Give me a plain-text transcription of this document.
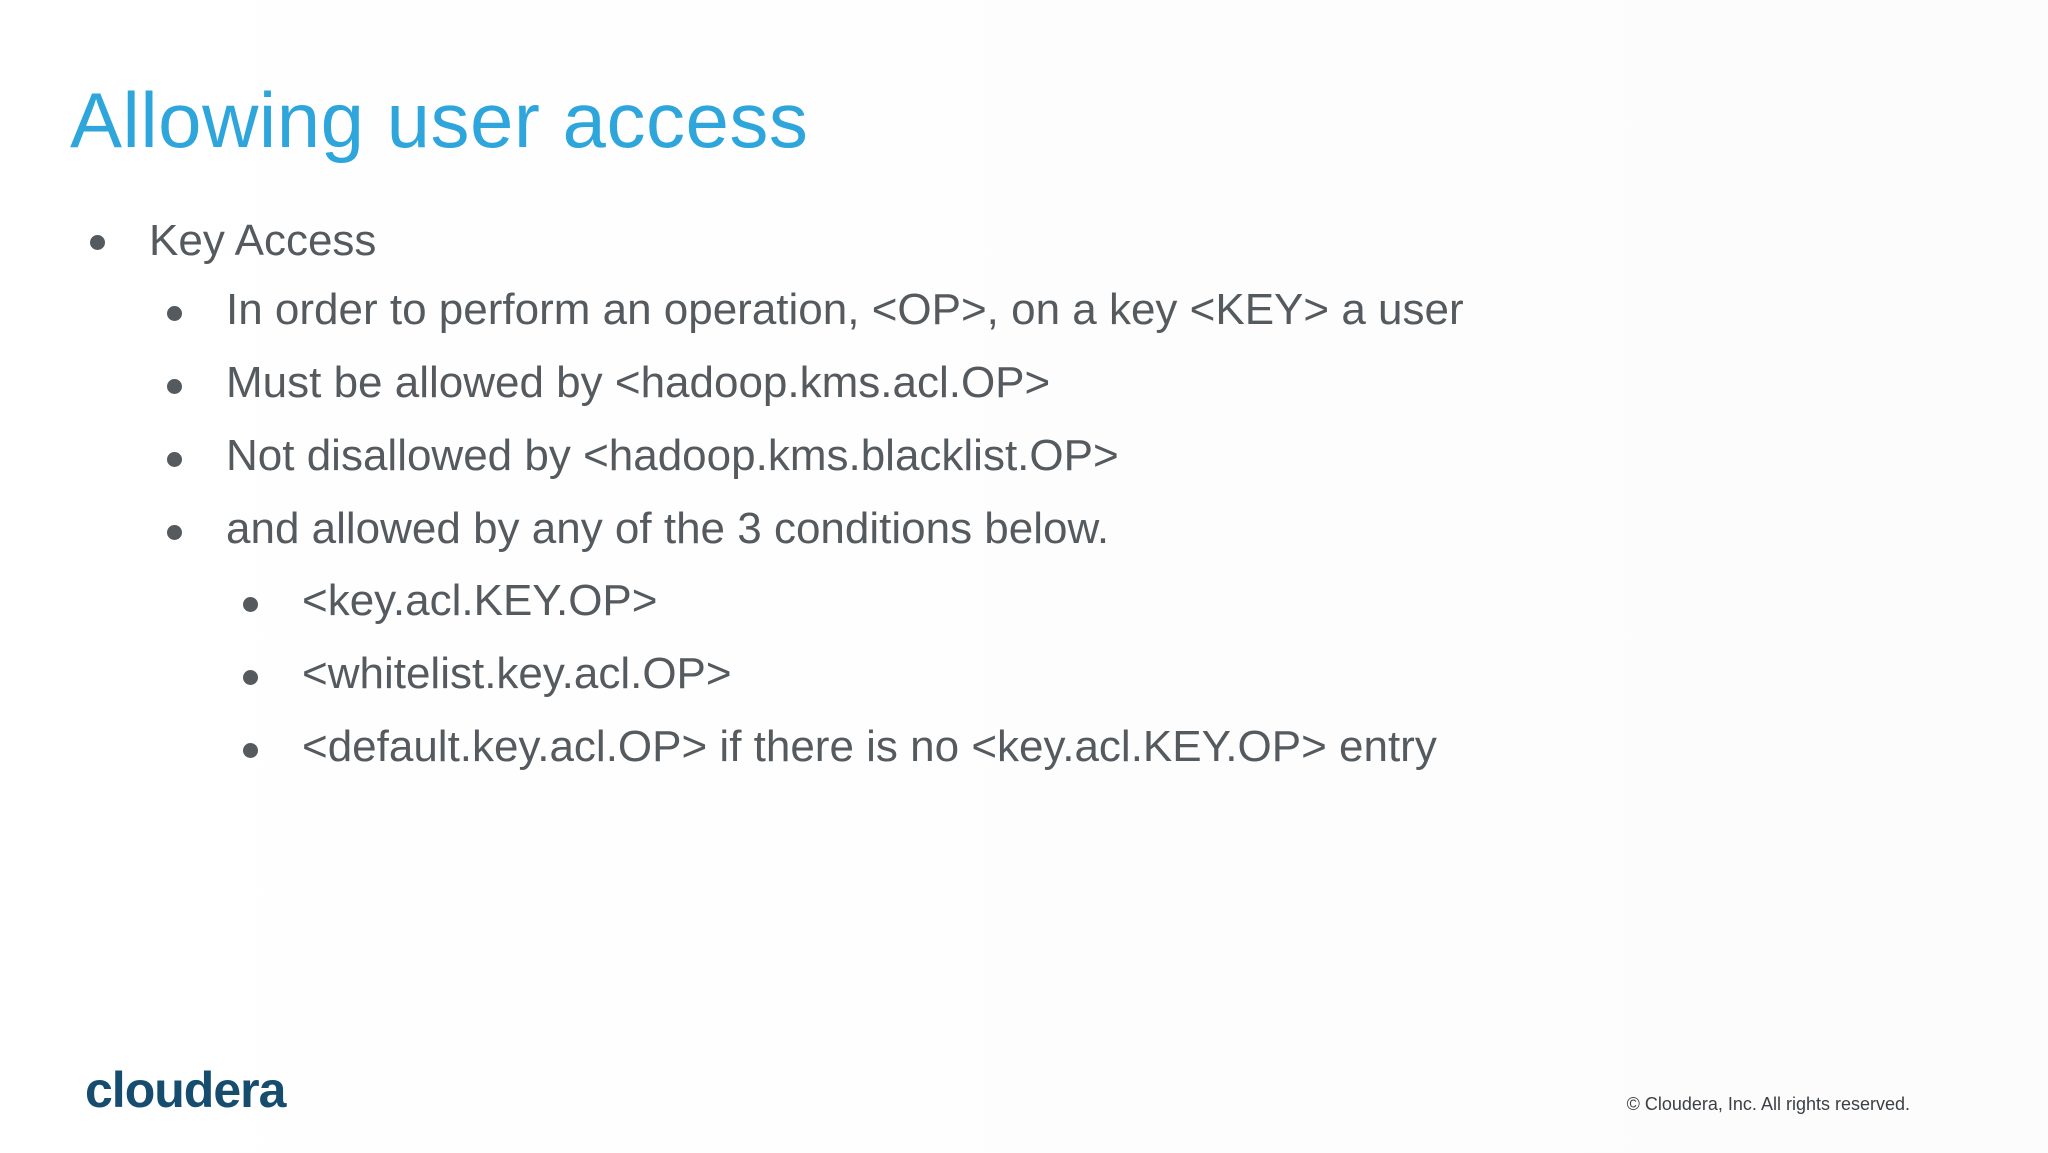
Allowing user access
Key Access
In order to perform an operation, <OP>, on a key <KEY> a user
Must be allowed by <hadoop.kms.acl.OP>
Not disallowed by <hadoop.kms.blacklist.OP>
and allowed by any of the 3 conditions below.
<key.acl.KEY.OP>
<whitelist.key.acl.OP>
<default.key.acl.OP> if there is no <key.acl.KEY.OP> entry
cloudera	© Cloudera, Inc. All rights reserved.
